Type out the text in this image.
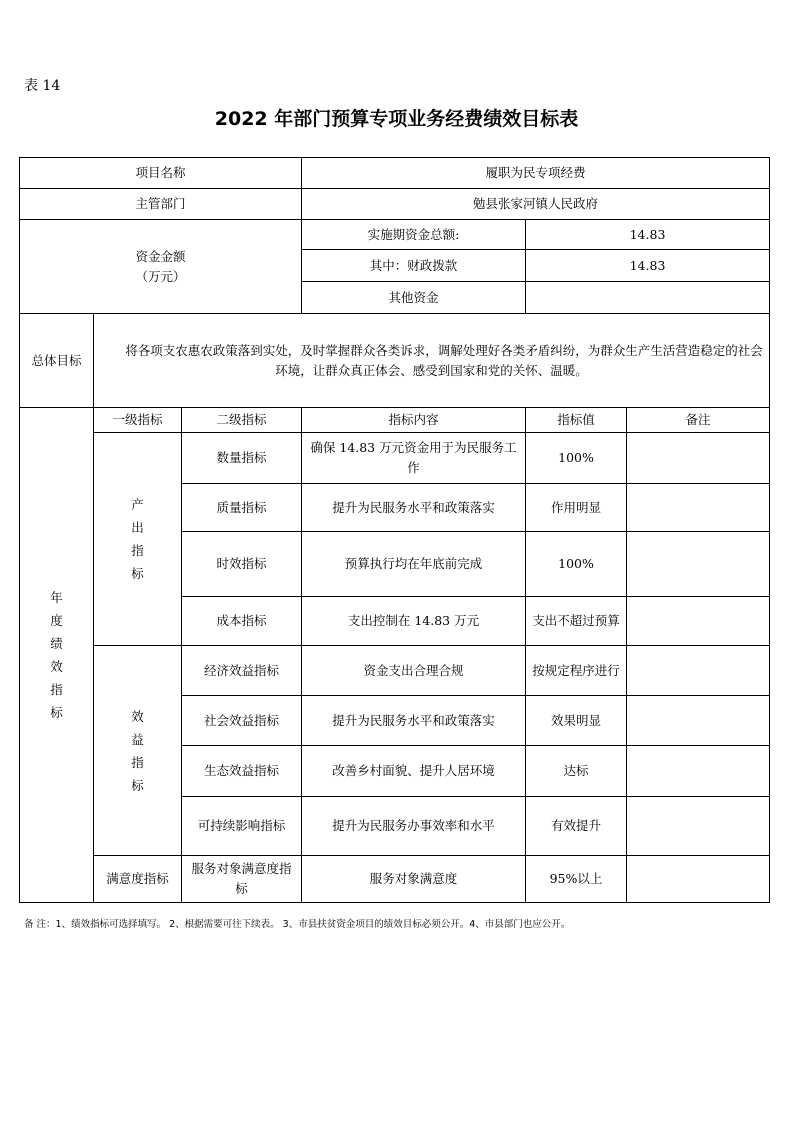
表 14
2022 年部门预算专项业务经费绩效目标表
项目名称			履职为民专项经费		
主管部门			勉县张家河镇人民政府		

资金金额
（万元）			实施期资金总额:	14.83	
			其中：财政拨款	14.83	
			其他资金		
总体目标	将各项支农惠农政策落到实处，及时掌握群众各类诉求，调解处理好各类矛盾纠纷，为群众生产生活营造稳定的社会环境，让群众真正体会、感受到国家和党的关怀、温暖。				
年度绩效指标	一级指标	二级指标	指标内容	指标值	备注
	产出指标	数量指标	确保 14.83 万元资金用于为民服务工作	100%	
		质量指标	提升为民服务水平和政策落实	作用明显	
		时效指标	预算执行均在年底前完成	100%	
		成本指标	支出控制在 14.83 万元	支出不超过预算	
	效益指标	经济效益指标	资金支出合理合规	按规定程序进行	
		社会效益指标	提升为民服务水平和政策落实	效果明显	
		生态效益指标	改善乡村面貌、提升人居环境	达标	
		可持续影响指标	提升为民服务办事效率和水平	有效提升	
	满意度指标	服务对象满意度指标	服务对象满意度	95%以上	
备 注：1、绩效指标可选择填写。 2、根据需要可往下续表。 3、市县扶贫资金项目的绩效目标必须公开。4、市县部门也应公开。
